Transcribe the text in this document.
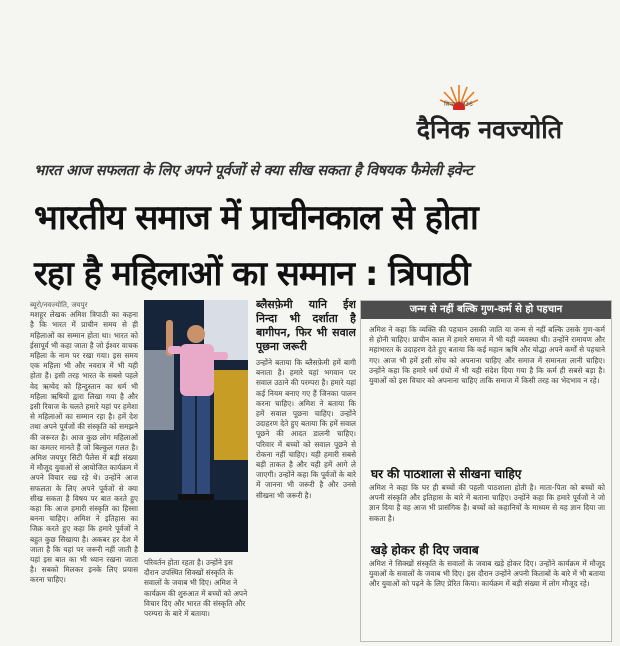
सिन्स 1936
दैनिक नवज्योति
भारत आज सफलता के लिए अपने पूर्वजों से क्या सीख सकता है विषयक फैमेली इवेन्ट
भारतीय समाज में प्राचीनकाल से होता
रहा है महिलाओं का सम्मान : त्रिपाठी
ब्यूरो/नवज्योति, जयपुर
मशहूर लेखक अमिश त्रिपाठी का कहना है कि भारत में प्राचीन समय से ही महिलाओं का सम्मान होता था। भारत को ईसापूर्व भी कहा जाता है जो ईश्वर वाचक महिला के नाम पर रखा गया। इस समय एक महिला भी और नवरात्र में भी यही होता है। इसी तरह भारत के सबसे पहले वेद ऋग्वेद को हिन्दुस्तान का धर्म भी महिला ऋषियों द्वारा लिखा गया है और इसी रिवाज के चलते हमारे यहां पर हमेशा से महिलाओं का सम्मान रहा है। हमें देश तथा अपने पूर्वजों की संस्कृति को समझने की जरूरत है। आज कुछ लोग महिलाओं का कमतर मानते हैं जो बिल्कुल गलत है। अमिश जयपुर सिटी पैलेस में बड़ी संख्या में मौजूद युवाओं से आयोजित कार्यक्रम में अपने विचार रख रहे थे। उन्होंने आज सफलता के लिए अपने पूर्वजों से क्या सीख सकता है विषय पर बात करते हुए कहा कि आज हमारी संस्कृति का हिस्सा बनना चाहिए। अमिश ने इतिहास का जिक्र करते हुए कहा कि हमारे पूर्वजों ने बहुत कुछ सिखाया है। अकबर हर देश में जाता है कि यहां पर जरूरी नहीं जाती है यहां इस बात का भी ध्यान रखना जाता है। सबको मिलकर इनके लिए प्रयास करना चाहिए।
परिवर्तन होता रहता है। उन्होंने इस दौरान उपस्थित सिक्खों संस्कृति के सवालों के जवाब भी दिए। अमिश ने कार्यक्रम की शुरुआत में बच्चों को अपने विचार दिए और भारत की संस्कृति और परम्परा के बारे में बताया।
ब्लैसफ़ेमी यानि ईश निन्दा भी दर्शाता है बागीपन, फिर भी सवाल पूछना जरूरी
उन्होंने बताया कि ब्लैसफ़ेमी हमें बागी बनाता है। हमारे यहां भगवान पर सवाल उठाने की परम्परा है। हमारे यहां कई नियम बनाए गए हैं जिनका पालन करना चाहिए। अमिश ने बताया कि हमें सवाल पूछना चाहिए। उन्होंने उदाहरण देते हुए बताया कि हमें सवाल पूछने की आदत डालनी चाहिए। परिवार में बच्चों को सवाल पूछने से रोकना नहीं चाहिए। यही हमारी सबसे बड़ी ताकत है और यही हमें आगे ले जाएगी। उन्होंने कहा कि पूर्वजों के बारे में जानना भी जरूरी है और उनसे सीखना भी जरूरी है।
जन्म से नहीं बल्कि गुण-कर्म से हो पहचान
अमिश ने कहा कि व्यक्ति की पहचान उसकी जाति या जन्म से नहीं बल्कि उसके गुण-कर्म से होनी चाहिए। प्राचीन काल में हमारे समाज में भी यही व्यवस्था थी। उन्होंने रामायण और महाभारत के उदाहरण देते हुए बताया कि कई महान ऋषि और योद्धा अपने कर्मों से पहचाने गए। आज भी हमें इसी सोच को अपनाना चाहिए और समाज में समानता लानी चाहिए। उन्होंने कहा कि हमारे धर्म ग्रंथों में भी यही संदेश दिया गया है कि कर्म ही सबसे बड़ा है। युवाओं को इस विचार को अपनाना चाहिए ताकि समाज में किसी तरह का भेदभाव न रहे।
घर की पाठशाला से सीखना चाहिए
अमिश ने कहा कि घर ही बच्चों की पहली पाठशाला होती है। माता-पिता को बच्चों को अपनी संस्कृति और इतिहास के बारे में बताना चाहिए। उन्होंने कहा कि हमारे पूर्वजों ने जो ज्ञान दिया है वह आज भी प्रासंगिक है। बच्चों को कहानियों के माध्यम से यह ज्ञान दिया जा सकता है।
खड़े होकर ही दिए जवाब
अमिश ने सिक्खों संस्कृति के सवालों के जवाब खड़े होकर दिए। उन्होंने कार्यक्रम में मौजूद युवाओं के सवालों के जवाब भी दिए। इस दौरान उन्होंने अपनी किताबों के बारे में भी बताया और युवाओं को पढ़ने के लिए प्रेरित किया। कार्यक्रम में बड़ी संख्या में लोग मौजूद रहे।
